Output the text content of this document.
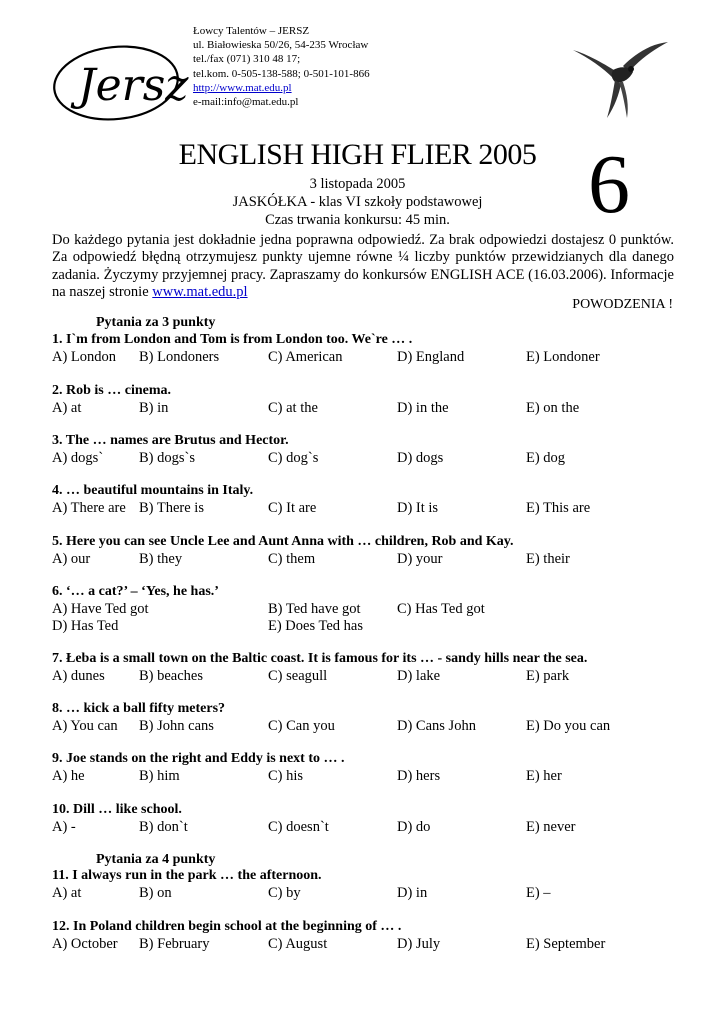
Jersz
Łowcy Talentów – JERSZ
ul. Białowieska 50/26, 54-235 Wrocław
tel./fax (071) 310 48 17;
tel.kom. 0-505-138-588; 0-501-101-866
http://www.mat.edu.pl
e-mail:info@mat.edu.pl
ENGLISH HIGH FLIER 2005
3 listopada 2005
JASKÓŁKA - klas VI szkoły podstawowej
Czas trwania konkursu: 45 min.	6
Do każdego pytania jest dokładnie jedna poprawna odpowiedź. Za brak odpowiedzi dostajesz 0 punktów. Za odpowiedź błędną otrzymujesz punkty ujemne równe ¼ liczby punktów przewidzianych dla danego zadania. Życzymy przyjemnej pracy. Zapraszamy do konkursów ENGLISH ACE (16.03.2006). Informacje na naszej stronie www.mat.edu.pl
POWODZENIA !
Pytania za 3 punkty
1. I`m from London and Tom is from London too. We`re … .
A) London B) Londoners	C) American	D) England	E) Londoner
2. Rob is … cinema.
A) at	B) in	C) at the	D) in the	E) on the
3. The … names are Brutus and Hector.
A) dogs` B) dogs`s	C) dog`s	D) dogs	E) dog
4. … beautiful mountains in Italy.
A) There are B) There is	C) It are	D) It is	E) This are
5. Here you can see Uncle Lee and Aunt Anna with … children, Rob and Kay.
A) our	B) they	C) them	D) your	E) their
6. ‘… a cat?’ – ‘Yes, he has.’
A) Have Ted got	B) Ted have got	C) Has Ted got
D) Has Ted	E) Does Ted has
7. Łeba is a small town on the Baltic coast. It is famous for its … - sandy hills near the sea.
A) dunes B) beaches	C) seagull	D) lake	E) park
8. … kick a ball fifty meters?
A) You can B) John cans	C) Can you	D) Cans John	E) Do you can
9. Joe stands on the right and Eddy is next to … .
A) he	B) him	C) his	D) hers	E) her
10. Dill … like school.
A) -	B) don`t	C) doesn`t	D) do	E) never
Pytania za 4 punkty
11. I always run in the park … the afternoon.
A) at	B) on	C) by	D) in	E) –
12. In Poland children begin school at the beginning of … .
A) October B) February	C) August	D) July	E) September
